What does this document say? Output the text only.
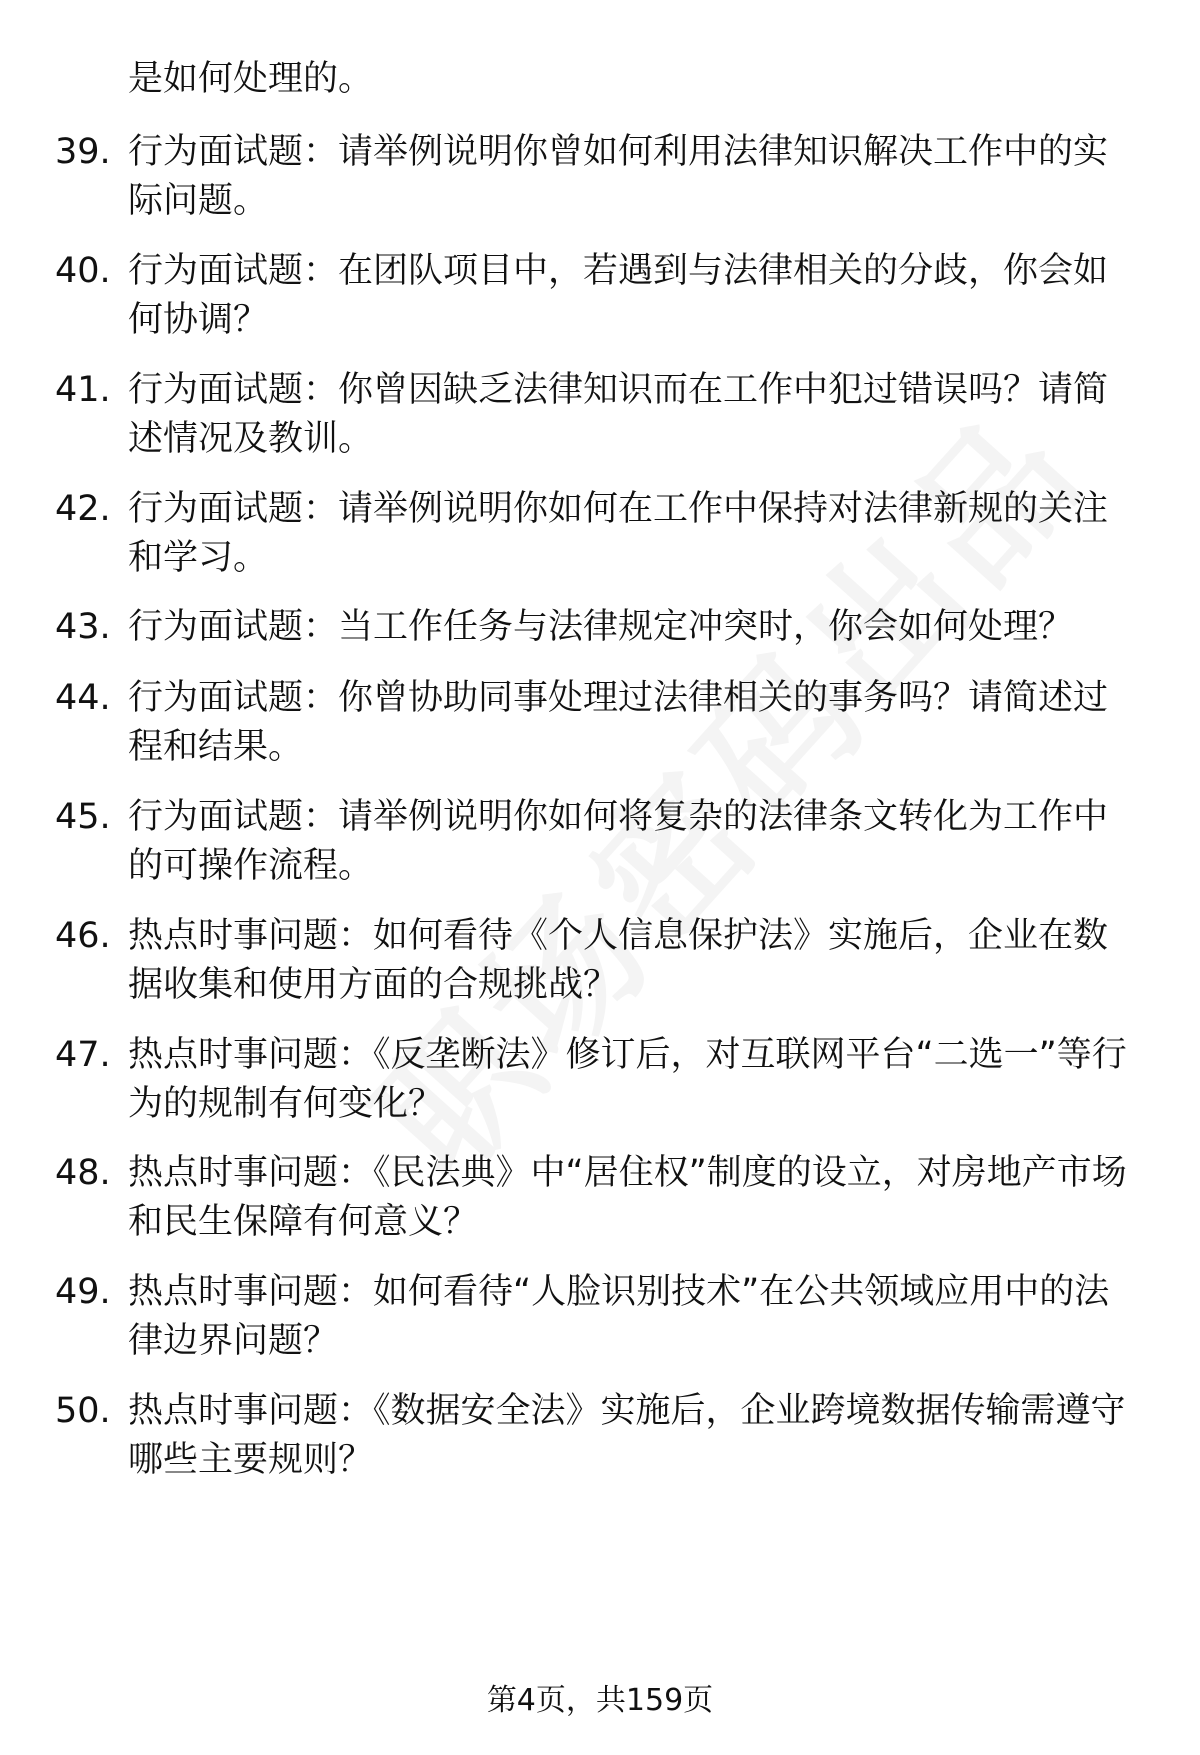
是如何处理的。
39. 行为面试题：请举例说明你曾如何利用法律知识解决工作中的实际问题。
40. 行为面试题：在团队项目中，若遇到与法律相关的分歧，你会如何协调？
41. 行为面试题：你曾因缺乏法律知识而在工作中犯过错误吗？请简述情况及教训。
42. 行为面试题：请举例说明你如何在工作中保持对法律新规的关注和学习。
43. 行为面试题：当工作任务与法律规定冲突时，你会如何处理？
44. 行为面试题：你曾协助同事处理过法律相关的事务吗？请简述过程和结果。
45. 行为面试题：请举例说明你如何将复杂的法律条文转化为工作中的可操作流程。
46. 热点时事问题：如何看待《个人信息保护法》实施后，企业在数据收集和使用方面的合规挑战？
47. 热点时事问题：《反垄断法》修订后，对互联网平台“二选一”等行为的规制有何变化？
48. 热点时事问题：《民法典》中“居住权”制度的设立，对房地产市场和民生保障有何意义？
49. 热点时事问题：如何看待“人脸识别技术”在公共领域应用中的法律边界问题？
50. 热点时事问题：《数据安全法》实施后，企业跨境数据传输需遵守哪些主要规则？
第4页，共159页
